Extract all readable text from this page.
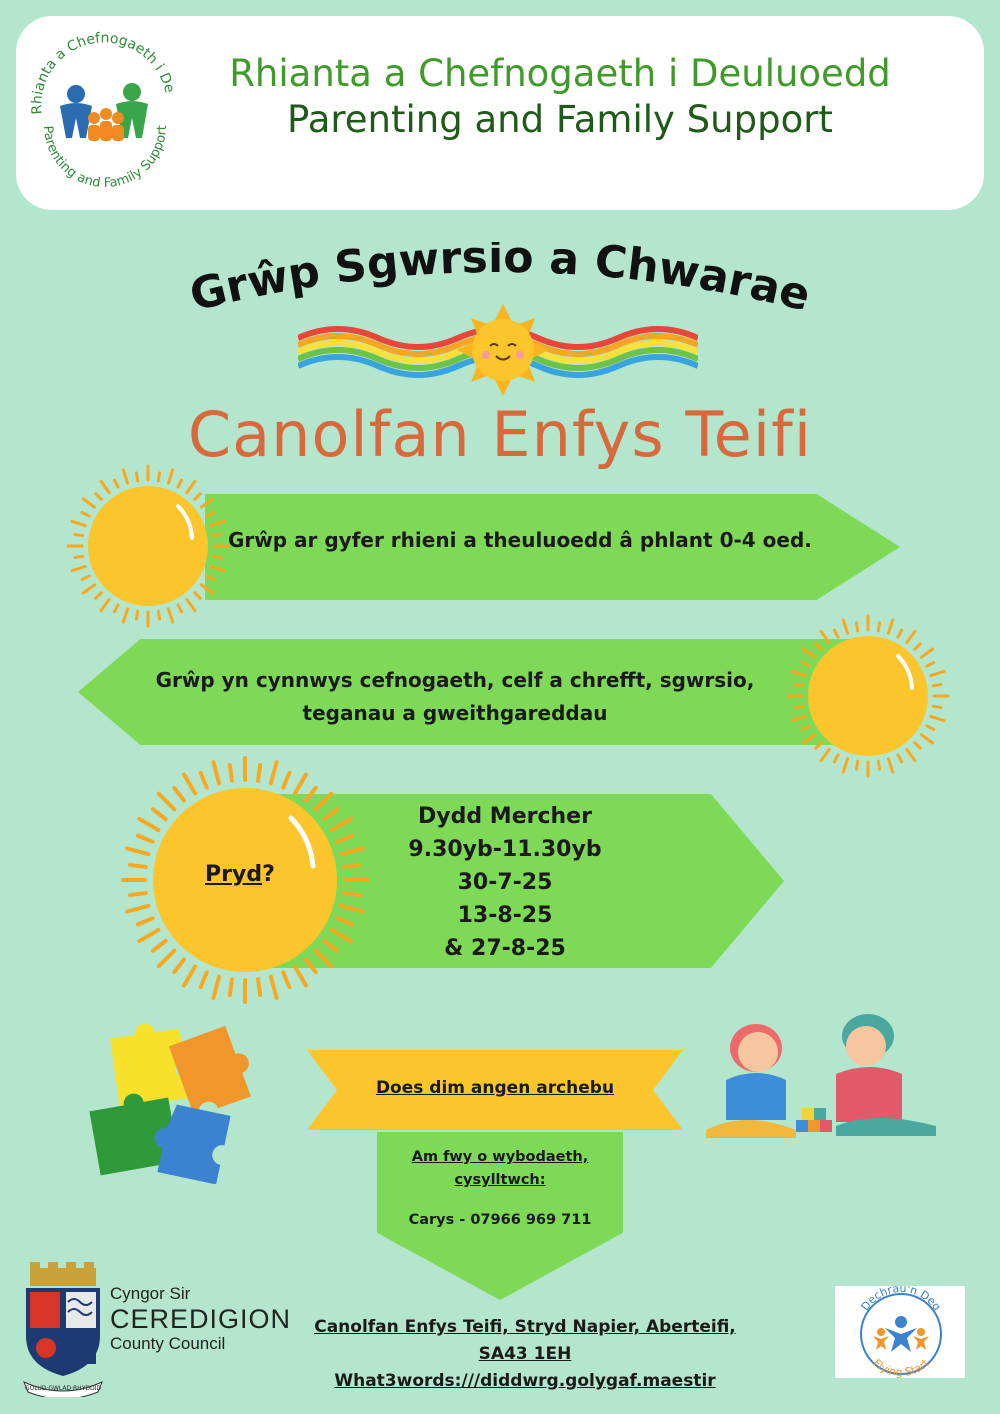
Rhianta a Chefnogaeth i De
Parenting and Family Support
Rhianta a Chefnogaeth i Deuluoedd
Parenting and Family Support
Grŵp Sgwrsio a Chwarae
Canolfan Enfys Teifi
Grŵp ar gyfer rhieni a theuluoedd â phlant 0-4 oed.
Grŵp yn cynnwys cefnogaeth, celf a chrefft, sgwrsio,
teganau a gweithgareddau
Pryd?
Dydd Mercher
9.30yb-11.30yb
30-7-25
13-8-25
& 27-8-25
Does dim angen archebu
Am fwy o wybodaeth,
cysylltwch:
Carys - 07966 969 711
GOLUD·GWLAD·RHYDDID
Cyngor Sir
CEREDIGION
County Council
Canolfan Enfys Teifi, Stryd Napier, Aberteifi,
SA43 1EH
What3words:///diddwrg.golygaf.maestir
Dechrau'n Deg
Flying Start
